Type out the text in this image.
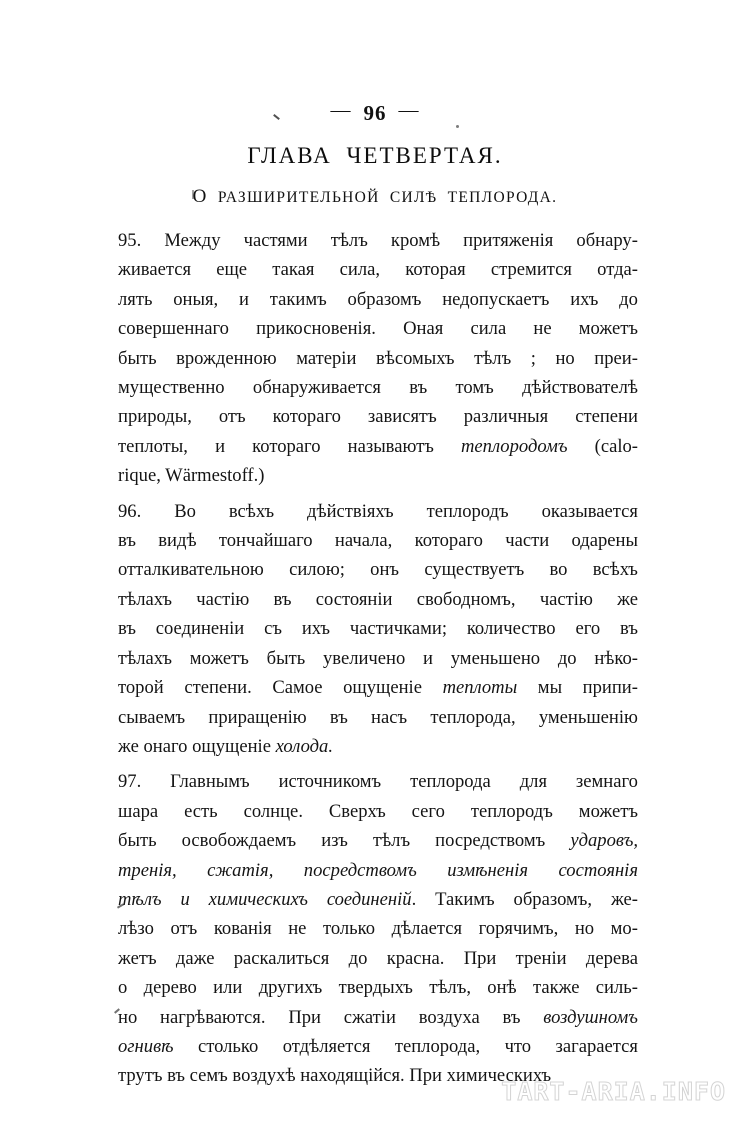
— 96 —
ГЛАВА ЧЕТВЕРТАЯ.
О РАЗШИРИТЕЛЬНОЙ СИЛѢ ТЕПЛОРОДА.
95. Между частями тѣлъ кромѣ притяженія обнару-
живается еще такая сила, которая стремится отда-
лять оныя, и такимъ образомъ недопускаетъ ихъ до
совершеннаго прикосновенія. Оная сила не можетъ
быть врожденною матеріи вѣсомыхъ тѣлъ ; но преи-
мущественно обнаруживается въ томъ дѣйствователѣ
природы, отъ котораго зависятъ различныя степени
теплоты, и котораго называютъ теплородомъ (calo-
rique, Wärmestoff.)
96. Во всѣхъ дѣйствіяхъ теплородъ оказывается
въ видѣ тончайшаго начала, котораго части одарены
отталкивательною силою; онъ существуетъ во всѣхъ
тѣлахъ частію въ состояніи свободномъ, частію же
въ соединеніи съ ихъ частичками; количество его въ
тѣлахъ можетъ быть увеличено и уменьшено до нѣко-
торой степени. Самое ощущеніе теплоты мы припи-
сываемъ приращенію въ насъ теплорода, уменьшенію
же онаго ощущеніе холода.
97. Главнымъ источникомъ теплорода для земнаго
шара есть солнце. Сверхъ сего теплородъ можетъ
быть освобождаемъ изъ тѣлъ посредствомъ ударовъ,
тренія, сжатія, посредствомъ измѣненія состоянія
тѣлъ и химическихъ соединеній. Такимъ образомъ, же-
лѣзо отъ кованія не только дѣлается горячимъ, но мо-
жетъ даже раскалиться до красна. При треніи дерева
о дерево или другихъ твердыхъ тѣлъ, онѣ также силь-
но нагрѣваются. При сжатіи воздуха въ воздушномъ
огнивѣ столько отдѣляется теплорода, что загарается
трутъ въ семъ воздухѣ находящійся. При химическихъ
TART-ARIA.INFO
